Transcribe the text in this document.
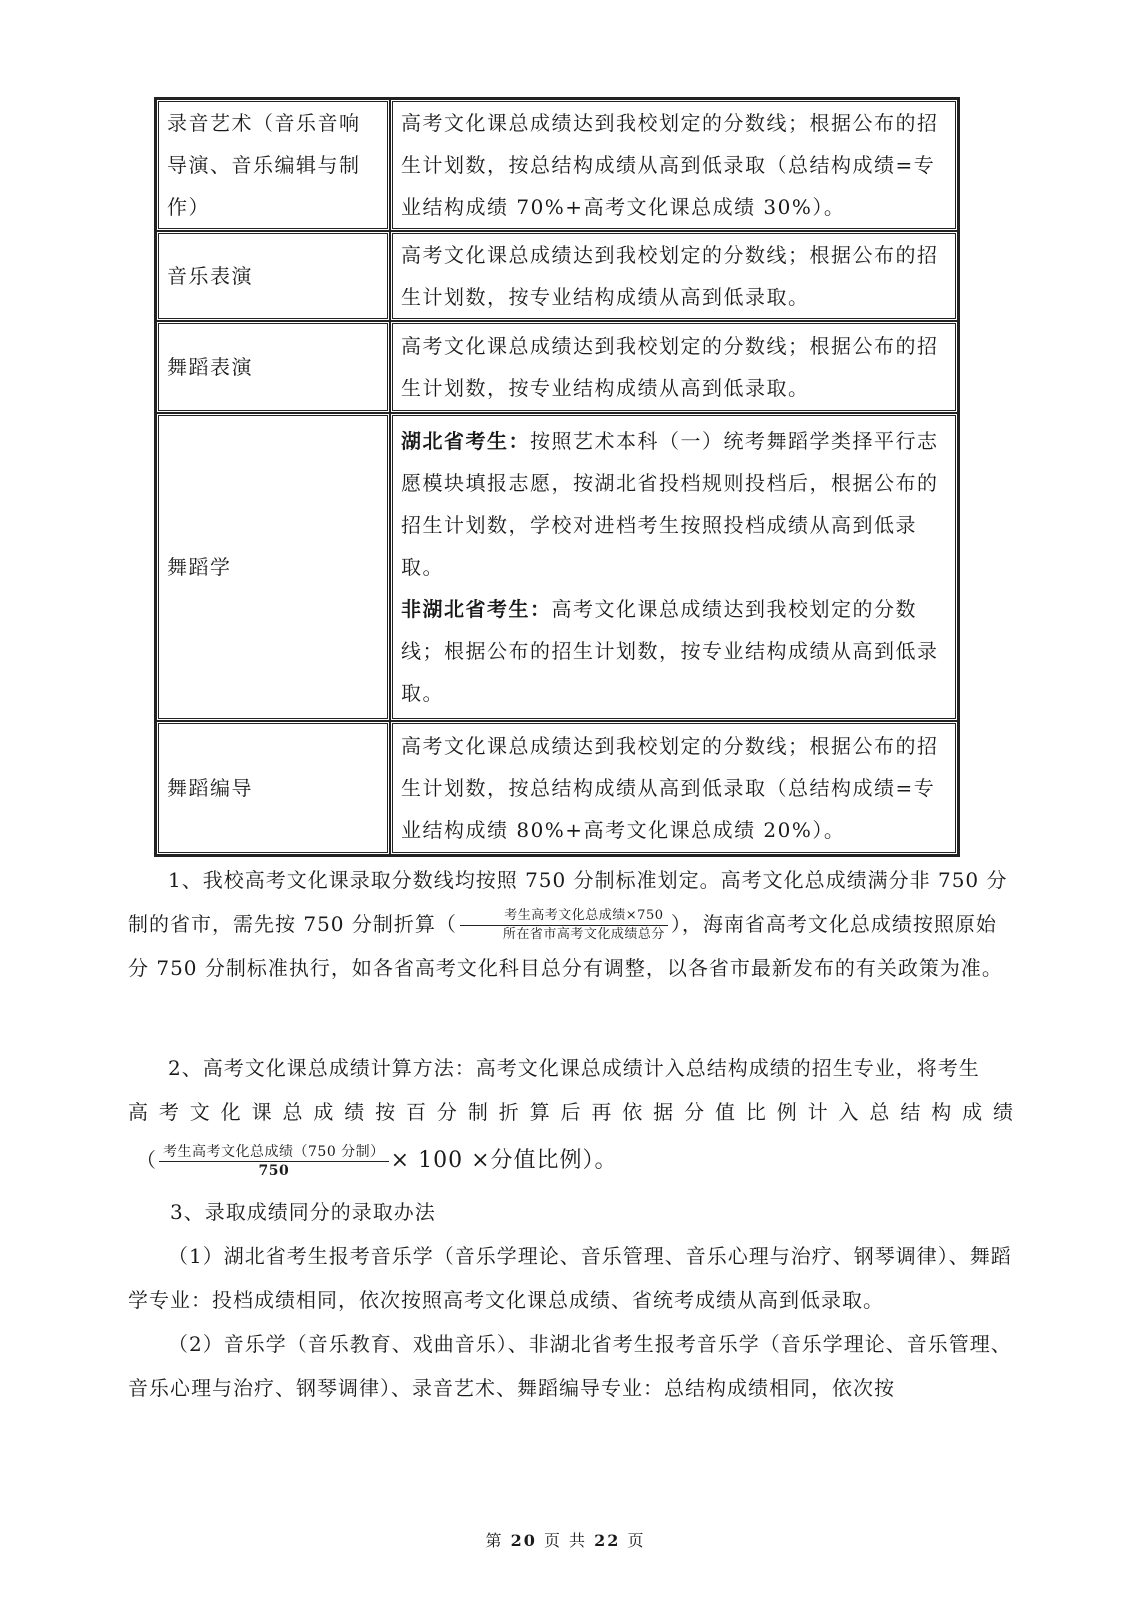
录音艺术（音乐音响导演、音乐编辑与制作）	高考文化课总成绩达到我校划定的分数线；根据公布的招生计划数，按总结构成绩从高到低录取（总结构成绩=专业结构成绩 70%+高考文化课总成绩 30%）。
音乐表演	高考文化课总成绩达到我校划定的分数线；根据公布的招生计划数，按专业结构成绩从高到低录取。
舞蹈表演	高考文化课总成绩达到我校划定的分数线；根据公布的招生计划数，按专业结构成绩从高到低录取。
舞蹈学	湖北省考生：按照艺术本科（一）统考舞蹈学类择平行志愿模块填报志愿，按湖北省投档规则投档后，根据公布的招生计划数，学校对进档考生按照投档成绩从高到低录取。

非湖北省考生：高考文化课总成绩达到我校划定的分数线；根据公布的招生计划数，按专业结构成绩从高到低录取。

舞蹈编导	高考文化课总成绩达到我校划定的分数线；根据公布的招生计划数，按总结构成绩从高到低录取（总结构成绩=专业结构成绩 80%+高考文化课总成绩 20%）。

1、我校高考文化课录取分数线均按照 750 分制标准划定。高考文化总成绩满分非 750 分制的省市，需先按 750 分制折算（ $\frac{\text{考生高考文化总成绩×750}}{\text{所在省市高考文化成绩总分}}$ ），海南省高考文化总成绩按照原始分 750 分制标准执行，如各省高考文化科目总分有调整，以各省市最新发布的有关政策为准。

2、高考文化课总成绩计算方法：高考文化课总成绩计入总结构成绩的招生专业，将考生

高考文化课总成绩按百分制折算后再依据分值比例计入总结构成绩

（ $\frac{\text{考生高考文化总成绩（750 分制）}}{750} \times 100$ ×分值比例）。

3、录取成绩同分的录取办法

（1）湖北省考生报考音乐学（音乐学理论、音乐管理、音乐心理与治疗、钢琴调律）、舞蹈学专业：投档成绩相同，依次按照高考文化课总成绩、省统考成绩从高到低录取。

（2）音乐学（音乐教育、戏曲音乐）、非湖北省考生报考音乐学（音乐学理论、音乐管理、音乐心理与治疗、钢琴调律）、录音艺术、舞蹈编导专业：总结构成绩相同，依次按

第 20 页 共 22 页
